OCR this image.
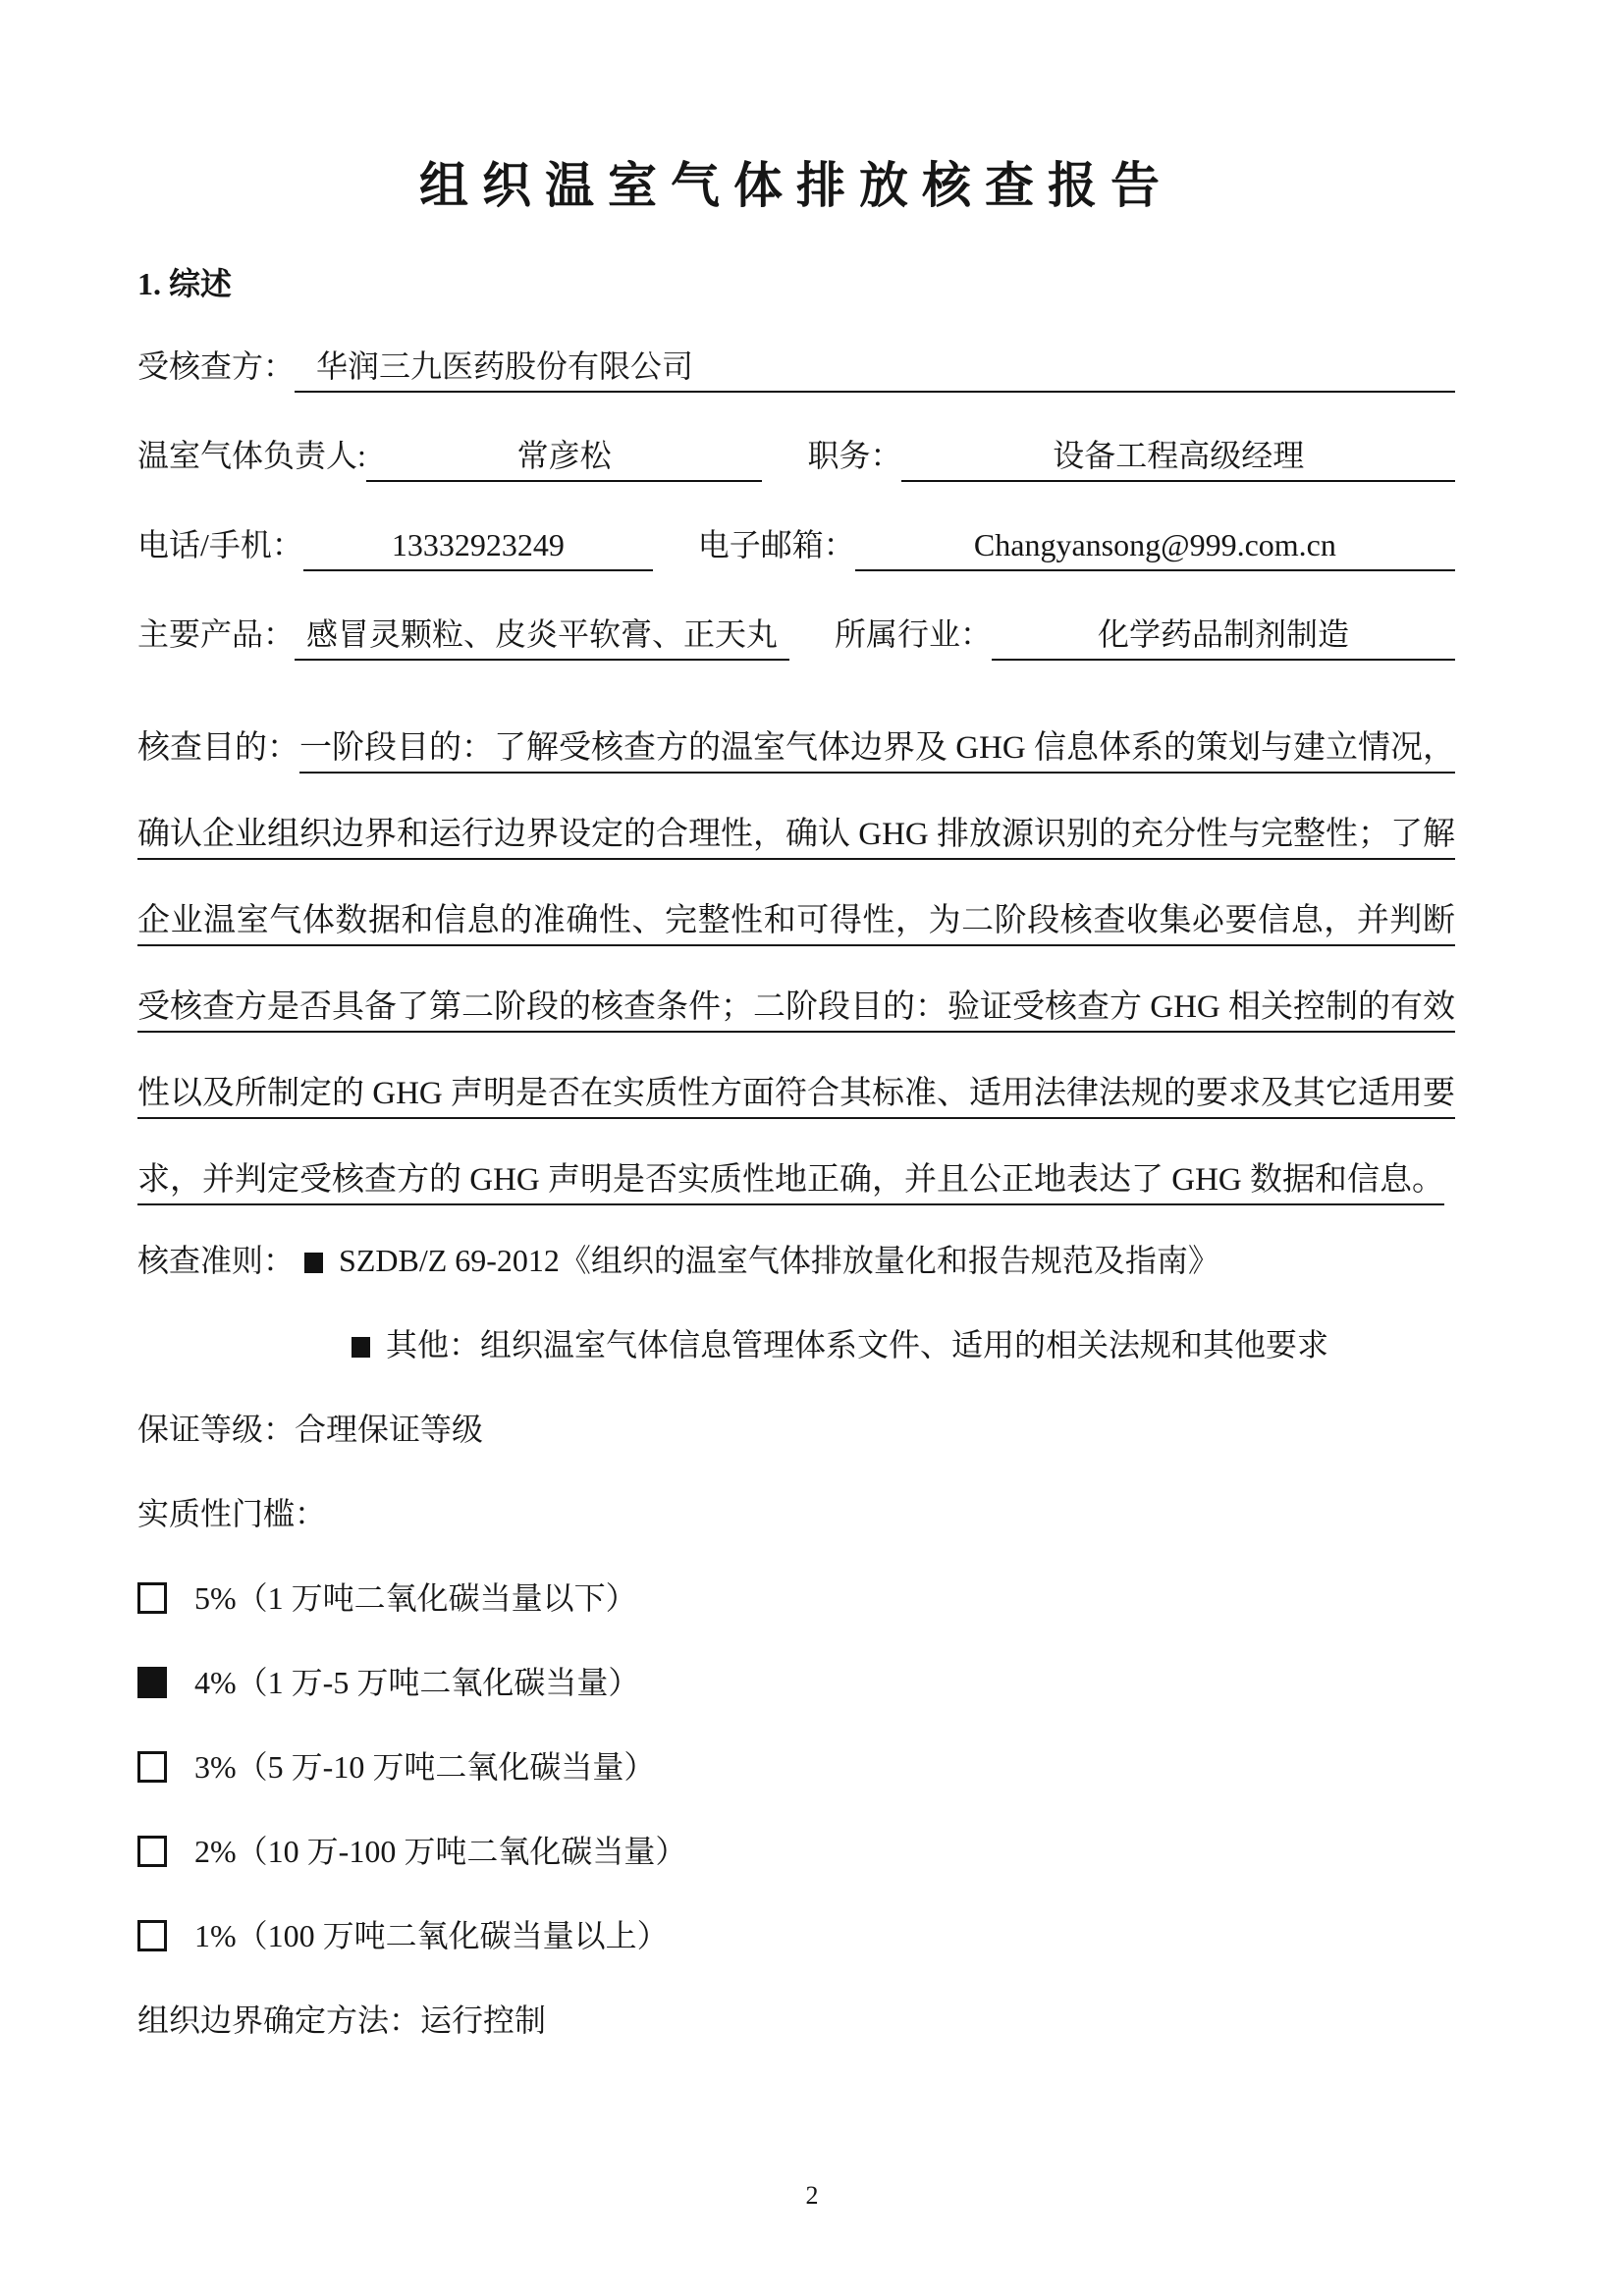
组织温室气体排放核查报告
1. 综述
受核查方： 华润三九医药股份有限公司
温室气体负责人:	常彦松	职务：	设备工程高级经理
电话/手机：	13332923249	电子邮箱：	Changyansong@999.com.cn
主要产品： 感冒灵颗粒、皮炎平软膏、正天丸	所属行业：	化学药品制剂制造

核查目的：一阶段目的：了解受核查方的温室气体边界及 GHG 信息体系的策划与建立情况，确认企业组织边界和运行边界设定的合理性，确认 GHG 排放源识别的充分性与完整性；了解企业温室气体数据和信息的准确性、完整性和可得性，为二阶段核查收集必要信息，并判断受核查方是否具备了第二阶段的核查条件；二阶段目的：验证受核查方 GHG 相关控制的有效性以及所制定的 GHG 声明是否在实质性方面符合其标准、适用法律法规的要求及其它适用要求，并判定受核查方的 GHG 声明是否实质性地正确，并且公正地表达了 GHG 数据和信息。

核查准则： SZDB/Z 69-2012《组织的温室气体排放量化和报告规范及指南》
其他：组织温室气体信息管理体系文件、适用的相关法规和其他要求
保证等级： 合理保证等级
实质性门槛：
5%（1 万吨二氧化碳当量以下）
4%（1 万-5 万吨二氧化碳当量）
3%（5 万-10 万吨二氧化碳当量）
2%（10 万-100 万吨二氧化碳当量）
1%（100 万吨二氧化碳当量以上）
组织边界确定方法： 运行控制
2
